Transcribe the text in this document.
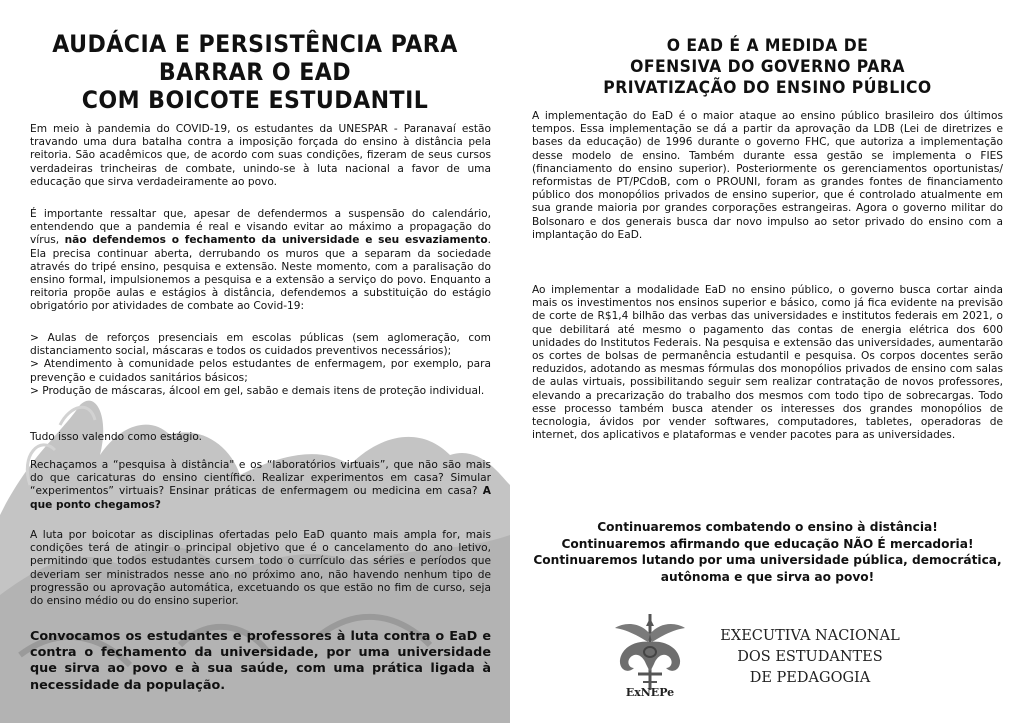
AUDÁCIA E PERSISTÊNCIA PARA
BARRAR O EAD
COM BOICOTE ESTUDANTIL

Em meio à pandemia do COVID-19, os estudantes da UNESPAR - Paranavaí estão travando uma dura batalha contra a imposição forçada do ensino à distância pela reitoria. São acadêmicos que, de acordo com suas condições, fizeram de seus cursos verdadeiras trincheiras de combate, unindo-se à luta nacional a favor de uma educação que sirva verdadeiramente ao povo.

É importante ressaltar que, apesar de defendermos a suspensão do calendário, entendendo que a pandemia é real e visando evitar ao máximo a propagação do vírus, não defendemos o fechamento da universidade e seu esvaziamento. Ela precisa continuar aberta, derrubando os muros que a separam da sociedade através do tripé ensino, pesquisa e extensão. Neste momento, com a paralisação do ensino formal, impulsionemos a pesquisa e a extensão a serviço do povo. Enquanto a reitoria propõe aulas e estágios à distância, defendemos a substituição do estágio obrigatório por atividades de combate ao Covid-19:

> Aulas de reforços presenciais em escolas públicas (sem aglomeração, com distanciamento social, máscaras e todos os cuidados preventivos necessários);
> Atendimento à comunidade pelos estudantes de enfermagem, por exemplo, para prevenção e cuidados sanitários básicos;
> Produção de máscaras, álcool em gel, sabão e demais itens de proteção individual.

Tudo isso valendo como estágio.

Rechaçamos a “pesquisa à distância" e os “laboratórios virtuais”, que não são mais do que caricaturas do ensino científico. Realizar experimentos em casa? Simular “experimentos” virtuais? Ensinar práticas de enfermagem ou medicina em casa? A que ponto chegamos?

A luta por boicotar as disciplinas ofertadas pelo EaD quanto mais ampla for, mais condições terá de atingir o principal objetivo que é o cancelamento do ano letivo, permitindo que todos estudantes cursem todo o currículo das séries e períodos que deveriam ser ministrados nesse ano no próximo ano, não havendo nenhum tipo de progressão ou aprovação automática, excetuando os que estão no fim de curso, seja do ensino médio ou do ensino superior.

Convocamos os estudantes e professores à luta contra o EaD e contra o fechamento da universidade, por uma universidade que sirva ao povo e à sua saúde, com uma prática ligada à necessidade da população.

O EAD É A MEDIDA DE
OFENSIVA DO GOVERNO PARA
PRIVATIZAÇÃO DO ENSINO PÚBLICO

A implementação do EaD é o maior ataque ao ensino público brasileiro dos últimos tempos. Essa implementação se dá a partir da aprovação da LDB (Lei de diretrizes e bases da educação) de 1996 durante o governo FHC, que autoriza a implementação desse modelo de ensino. Também durante essa gestão se implementa o FIES (financiamento do ensino superior). Posteriormente os gerenciamentos oportunistas/ reformistas de PT/PCdoB, com o PROUNI, foram as grandes fontes de financiamento público dos monopólios privados de ensino superior, que é controlado atualmente em sua grande maioria por grandes corporações estrangeiras. Agora o governo militar do Bolsonaro e dos generais busca dar novo impulso ao setor privado do ensino com a implantação do EaD.

Ao implementar a modalidade EaD no ensino público, o governo busca cortar ainda mais os investimentos nos ensinos superior e básico, como já fica evidente na previsão de corte de R$1,4 bilhão das verbas das universidades e institutos federais em 2021, o que debilitará até mesmo o pagamento das contas de energia elétrica dos 600 unidades do Institutos Federais. Na pesquisa e extensão das universidades, aumentarão os cortes de bolsas de permanência estudantil e pesquisa. Os corpos docentes serão reduzidos, adotando as mesmas fórmulas dos monopólios privados de ensino com salas de aulas virtuais, possibilitando seguir sem realizar contratação de novos professores, elevando a precarização do trabalho dos mesmos com todo tipo de sobrecargas. Todo esse processo também busca atender os interesses dos grandes monopólios de tecnologia, ávidos por vender softwares, computadores, tabletes, operadoras de internet, dos aplicativos e plataformas e vender pacotes para as universidades.

Continuaremos combatendo o ensino à distância!
Continuaremos afirmando que educação NÃO É mercadoria!
Continuaremos lutando por uma universidade pública, democrática,
autônoma e que sirva ao povo!
ExNEPe
EXECUTIVA NACIONAL
DOS ESTUDANTES
DE PEDAGOGIA
